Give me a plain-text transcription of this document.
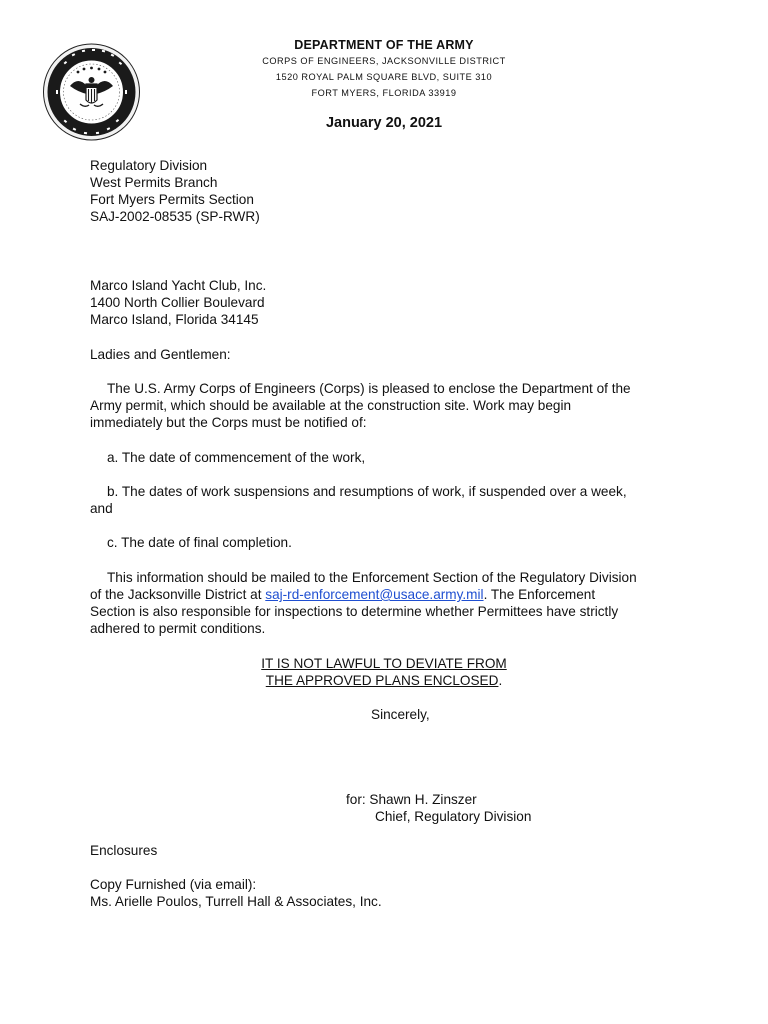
DEPARTMENT OF THE ARMY
CORPS OF ENGINEERS, JACKSONVILLE DISTRICT
1520 ROYAL PALM SQUARE BLVD, SUITE 310
FORT MYERS, FLORIDA 33919
January 20, 2021
Regulatory Division
West Permits Branch
Fort Myers Permits Section
SAJ-2002-08535 (SP-RWR)
Marco Island Yacht Club, Inc.
1400 North Collier Boulevard
Marco Island, Florida 34145
Ladies and Gentlemen:
The U.S. Army Corps of Engineers (Corps) is pleased to enclose the Department of the
Army permit, which should be available at the construction site. Work may begin
immediately but the Corps must be notified of:
a. The date of commencement of the work,
b. The dates of work suspensions and resumptions of work, if suspended over a week,
and
c. The date of final completion.
This information should be mailed to the Enforcement Section of the Regulatory Division
of the Jacksonville District at saj-rd-enforcement@usace.army.mil. The Enforcement
Section is also responsible for inspections to determine whether Permittees have strictly
adhered to permit conditions.
IT IS NOT LAWFUL TO DEVIATE FROM
THE APPROVED PLANS ENCLOSED.
Sincerely,
for: Shawn H. Zinszer
Chief, Regulatory Division
Enclosures
Copy Furnished (via email):
Ms. Arielle Poulos, Turrell Hall & Associates, Inc.
